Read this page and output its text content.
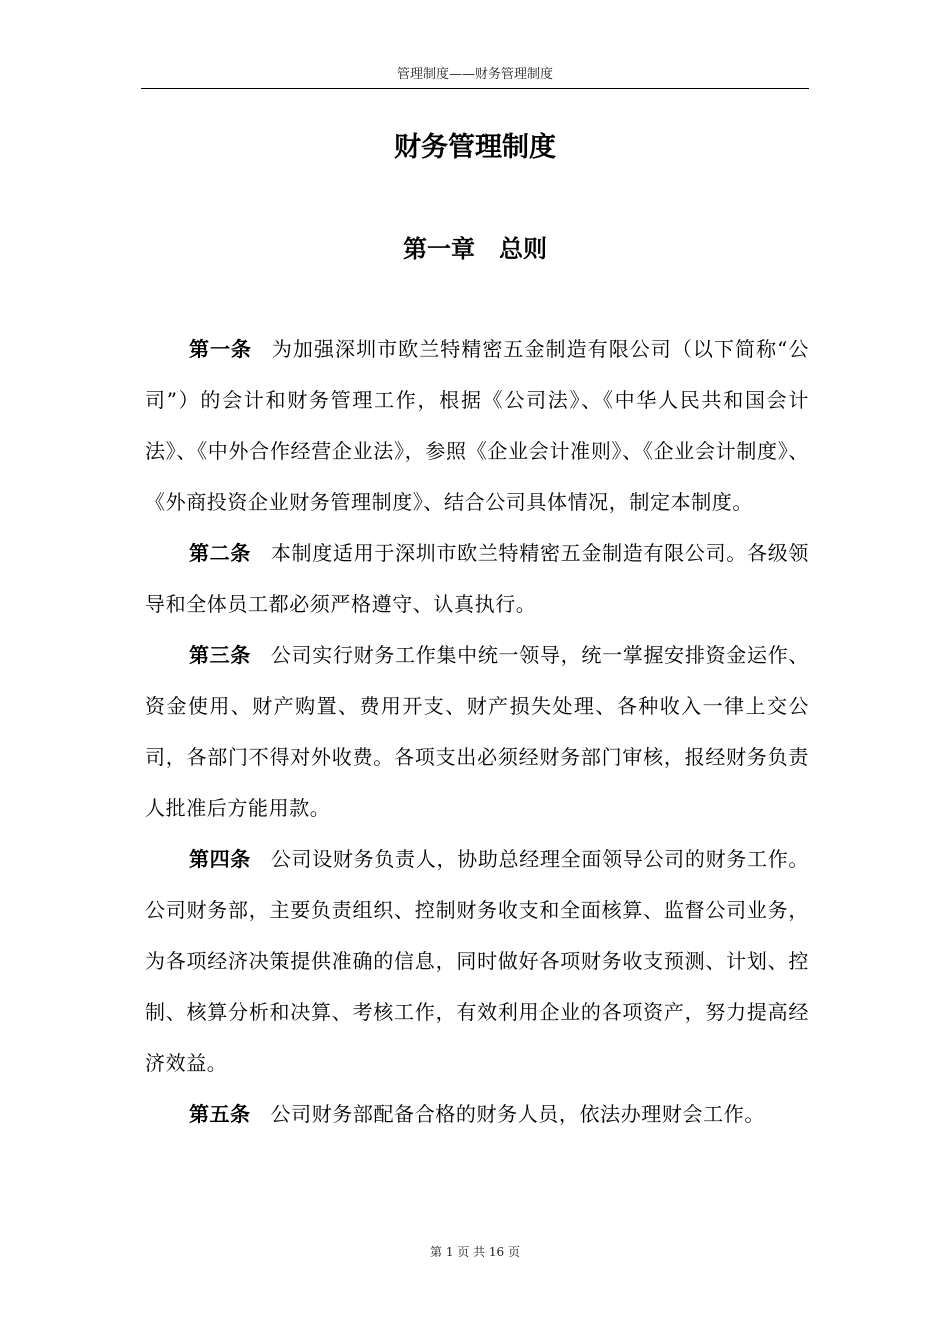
管理制度——财务管理制度
财务管理制度
第一章　总则

第一条 为加强深圳市欧兰特精密五金制造有限公司（以下简称“公司”）的会计和财务管理工作，根据《公司法》、《中华人民共和国会计法》、《中外合作经营企业法》，参照《企业会计准则》、《企业会计制度》、《外商投资企业财务管理制度》、结合公司具体情况，制定本制度。

第二条 本制度适用于深圳市欧兰特精密五金制造有限公司。各级领导和全体员工都必须严格遵守、认真执行。

第三条 公司实行财务工作集中统一领导，统一掌握安排资金运作、资金使用、财产购置、费用开支、财产损失处理、各种收入一律上交公司，各部门不得对外收费。各项支出必须经财务部门审核，报经财务负责人批准后方能用款。

第四条 公司设财务负责人，协助总经理全面领导公司的财务工作。公司财务部，主要负责组织、控制财务收支和全面核算、监督公司业务，为各项经济决策提供准确的信息，同时做好各项财务收支预测、计划、控制、核算分析和决算、考核工作，有效利用企业的各项资产，努力提高经济效益。

第五条 公司财务部配备合格的财务人员，依法办理财会工作。

第 1 页 共 16 页
